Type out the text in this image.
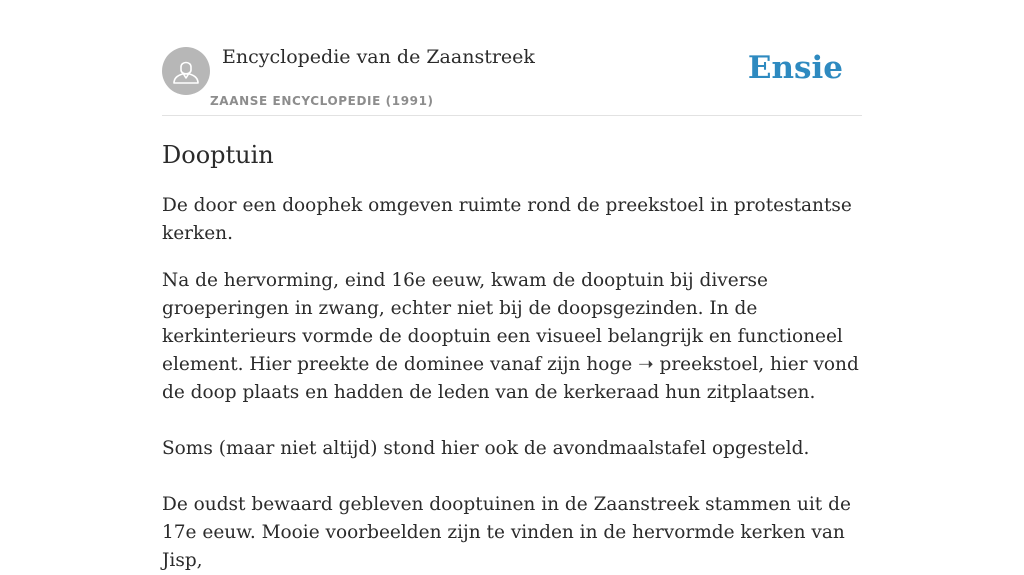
Encyclopedie van de Zaanstreek
ZAANSE ENCYCLOPEDIE (1991)
Ensie
Dooptuin

De door een doophek omgeven ruimte rond de preekstoel in protestantse kerken.

Na de hervorming, eind 16e eeuw, kwam de dooptuin bij diverse groeperingen in zwang, echter niet bij de doopsgezinden. In de kerkinterieurs vormde de dooptuin een visueel belangrijk en functioneel element. Hier preekte de dominee vanaf zijn hoge ➝ preekstoel, hier vond de doop plaats en hadden de leden van de kerkeraad hun zitplaatsen.

Soms (maar niet altijd) stond hier ook de avondmaalstafel opgesteld.

De oudst bewaard gebleven dooptuinen in de Zaanstreek stammen uit de 17e eeuw. Mooie voorbeelden zijn te vinden in de hervormde kerken van Jisp,
